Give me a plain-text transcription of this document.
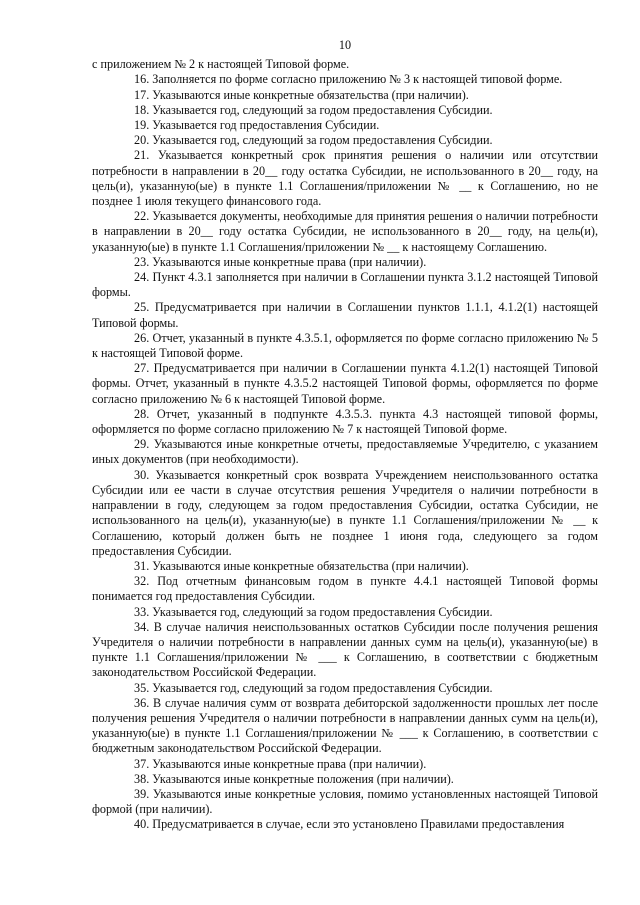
10

с приложением № 2 к настоящей Типовой форме.

16. Заполняется по форме согласно приложению № 3 к настоящей типовой форме.

17. Указываются иные конкретные обязательства (при наличии).

18. Указывается год, следующий за годом предоставления Субсидии.

19. Указывается год предоставления Субсидии.

20. Указывается год, следующий за годом предоставления Субсидии.

21. Указывается конкретный срок принятия решения о наличии или отсутствии потребности в направлении в 20__ году остатка Субсидии, не использованного в 20__ году, на цель(и), указанную(ые) в пункте 1.1 Соглашения/приложении № __ к Соглашению, но не позднее 1 июля текущего финансового года.

22. Указывается документы, необходимые для принятия решения о наличии потребности в направлении в 20__ году остатка Субсидии, не использованного в 20__ году, на цель(и), указанную(ые) в пункте 1.1 Соглашения/приложении № __ к настоящему Соглашению.

23. Указываются иные конкретные права (при наличии).

24. Пункт 4.3.1 заполняется при наличии в Соглашении пункта 3.1.2 настоящей Типовой формы.

25. Предусматривается при наличии в Соглашении пунктов 1.1.1, 4.1.2(1) настоящей Типовой формы.

26. Отчет, указанный в пункте 4.3.5.1, оформляется по форме согласно приложению № 5 к настоящей Типовой форме.

27. Предусматривается при наличии в Соглашении пункта 4.1.2(1) настоящей Типовой формы. Отчет, указанный в пункте 4.3.5.2 настоящей Типовой формы, оформляется по форме согласно приложению № 6 к настоящей Типовой форме.

28. Отчет, указанный в подпункте 4.3.5.3. пункта 4.3 настоящей типовой формы, оформляется по форме согласно приложению № 7 к настоящей Типовой форме.

29. Указываются иные конкретные отчеты, предоставляемые Учредителю, с указанием иных документов (при необходимости).

30. Указывается конкретный срок возврата Учреждением неиспользованного остатка Субсидии или ее части в случае отсутствия решения Учредителя о наличии потребности в направлении в году, следующем за годом предоставления Субсидии, остатка Субсидии, не использованного на цель(и), указанную(ые) в пункте 1.1 Соглашения/приложении № __ к Соглашению, который должен быть не позднее 1 июня года, следующего за годом предоставления Субсидии.

31. Указываются иные конкретные обязательства (при наличии).

32. Под отчетным финансовым годом в пункте 4.4.1 настоящей Типовой формы понимается год предоставления Субсидии.

33. Указывается год, следующий за годом предоставления Субсидии.

34. В случае наличия неиспользованных остатков Субсидии после получения решения Учредителя о наличии потребности в направлении данных сумм на цель(и), указанную(ые) в пункте 1.1 Соглашения/приложении № ___ к Соглашению, в соответствии с бюджетным законодательством Российской Федерации.

35. Указывается год, следующий за годом предоставления Субсидии.

36. В случае наличия сумм от возврата дебиторской задолженности прошлых лет после получения решения Учредителя о наличии потребности в направлении данных сумм на цель(и), указанную(ые) в пункте 1.1 Соглашения/приложении № ___ к Соглашению, в соответствии с бюджетным законодательством Российской Федерации.

37. Указываются иные конкретные права (при наличии).

38. Указываются иные конкретные положения (при наличии).

39. Указываются иные конкретные условия, помимо установленных настоящей Типовой формой (при наличии).

40. Предусматривается в случае, если это установлено Правилами предоставления
